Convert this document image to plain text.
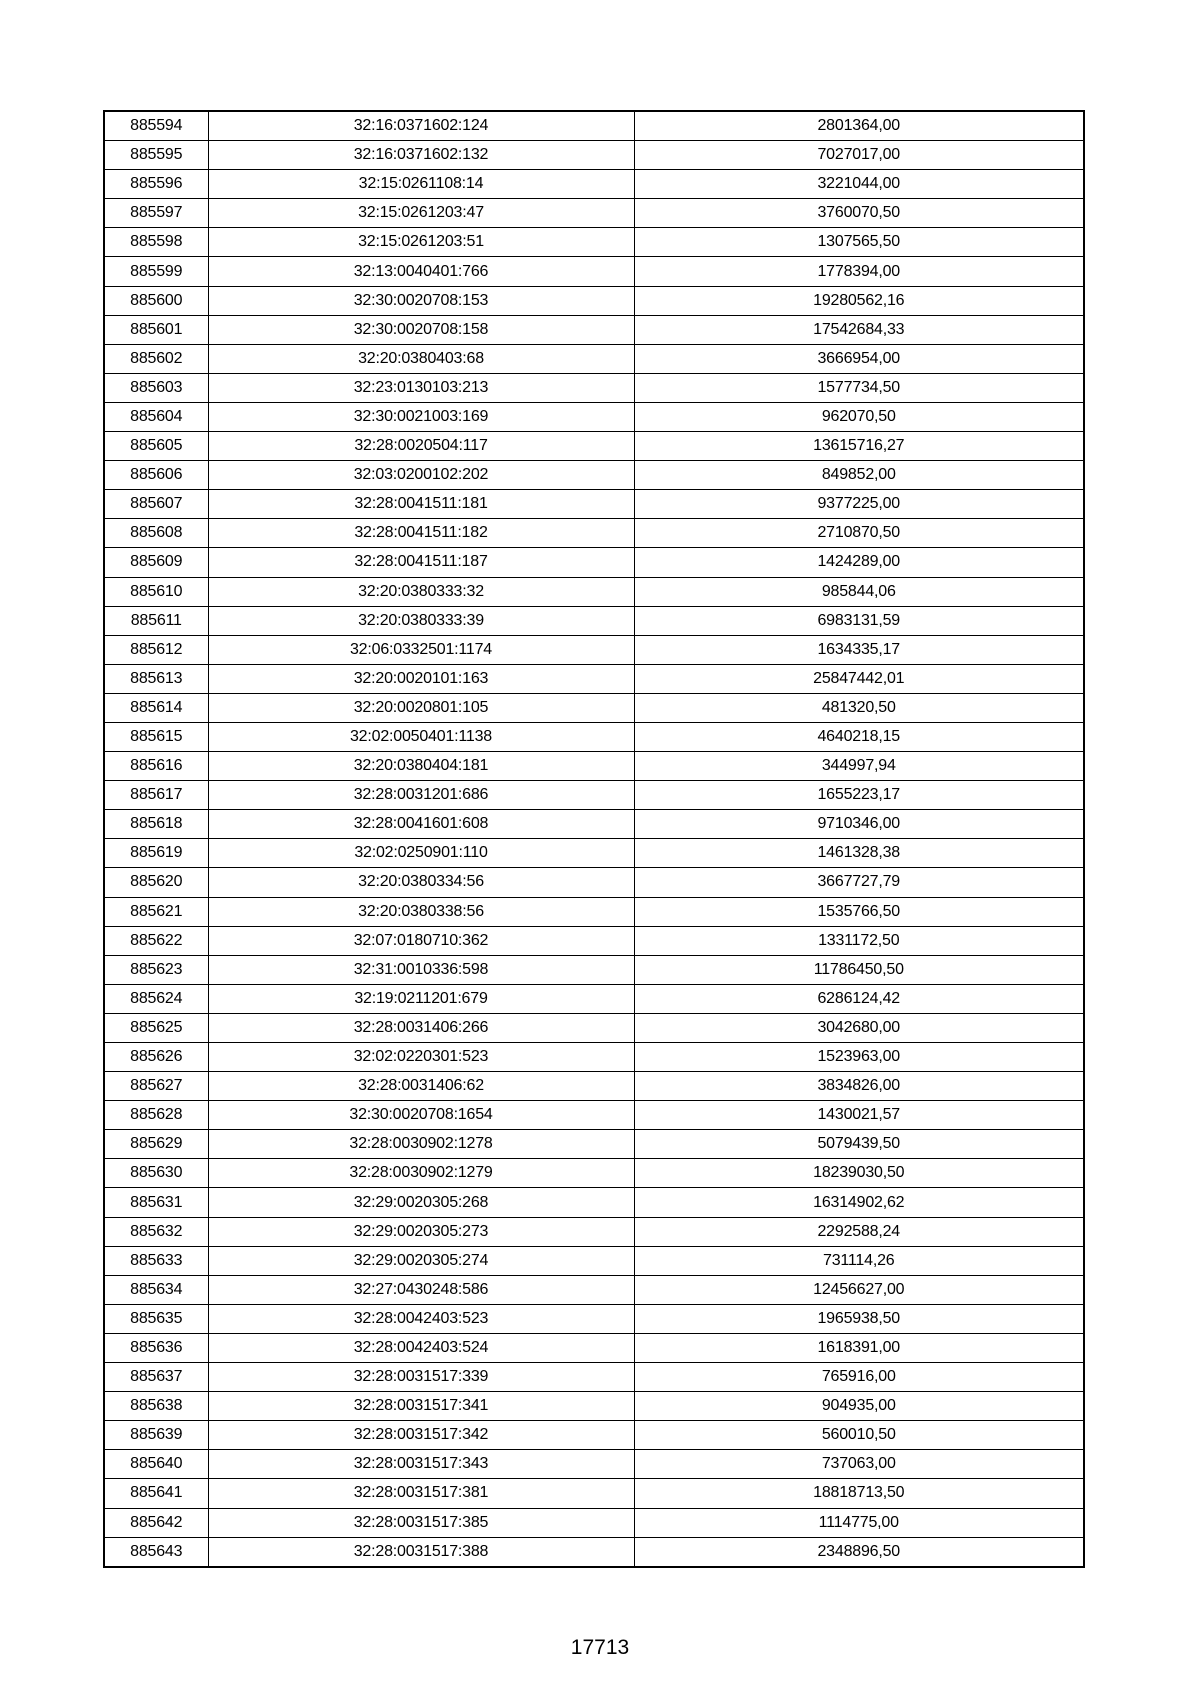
885594	32:16:0371602:124	2801364,00
885595	32:16:0371602:132	7027017,00
885596	32:15:0261108:14	3221044,00
885597	32:15:0261203:47	3760070,50
885598	32:15:0261203:51	1307565,50
885599	32:13:0040401:766	1778394,00
885600	32:30:0020708:153	19280562,16
885601	32:30:0020708:158	17542684,33
885602	32:20:0380403:68	3666954,00
885603	32:23:0130103:213	1577734,50
885604	32:30:0021003:169	962070,50
885605	32:28:0020504:117	13615716,27
885606	32:03:0200102:202	849852,00
885607	32:28:0041511:181	9377225,00
885608	32:28:0041511:182	2710870,50
885609	32:28:0041511:187	1424289,00
885610	32:20:0380333:32	985844,06
885611	32:20:0380333:39	6983131,59
885612	32:06:0332501:1174	1634335,17
885613	32:20:0020101:163	25847442,01
885614	32:20:0020801:105	481320,50
885615	32:02:0050401:1138	4640218,15
885616	32:20:0380404:181	344997,94
885617	32:28:0031201:686	1655223,17
885618	32:28:0041601:608	9710346,00
885619	32:02:0250901:110	1461328,38
885620	32:20:0380334:56	3667727,79
885621	32:20:0380338:56	1535766,50
885622	32:07:0180710:362	1331172,50
885623	32:31:0010336:598	11786450,50
885624	32:19:0211201:679	6286124,42
885625	32:28:0031406:266	3042680,00
885626	32:02:0220301:523	1523963,00
885627	32:28:0031406:62	3834826,00
885628	32:30:0020708:1654	1430021,57
885629	32:28:0030902:1278	5079439,50
885630	32:28:0030902:1279	18239030,50
885631	32:29:0020305:268	16314902,62
885632	32:29:0020305:273	2292588,24
885633	32:29:0020305:274	731114,26
885634	32:27:0430248:586	12456627,00
885635	32:28:0042403:523	1965938,50
885636	32:28:0042403:524	1618391,00
885637	32:28:0031517:339	765916,00
885638	32:28:0031517:341	904935,00
885639	32:28:0031517:342	560010,50
885640	32:28:0031517:343	737063,00
885641	32:28:0031517:381	18818713,50
885642	32:28:0031517:385	1114775,00
885643	32:28:0031517:388	2348896,50
17713
